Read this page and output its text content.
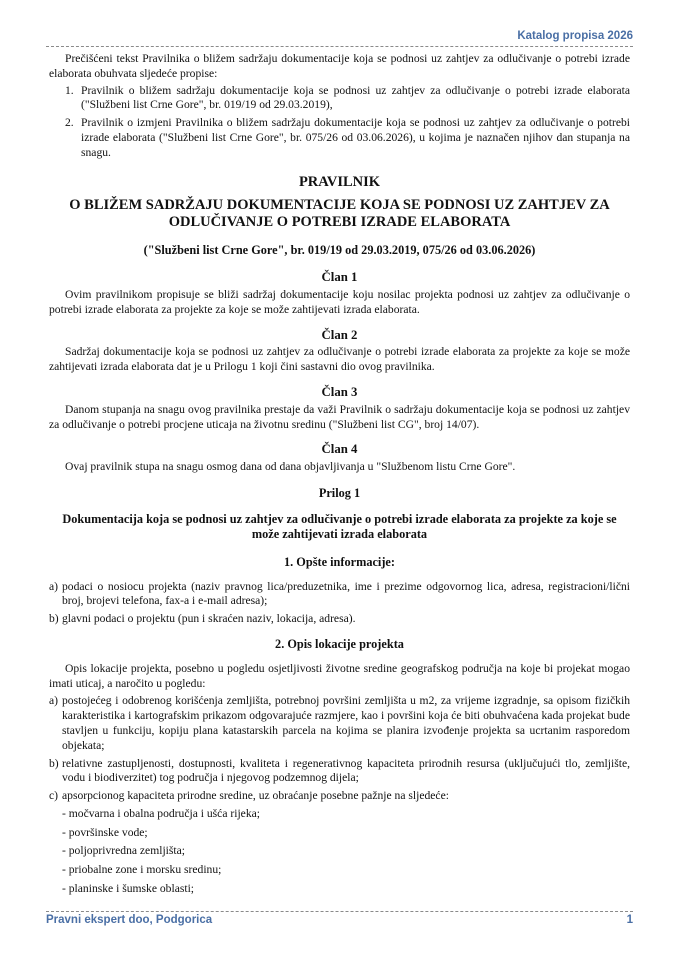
Katalog propisa 2026

Prečišćeni tekst Pravilnika o bližem sadržaju dokumentacije koja se podnosi uz zahtjev za odlučivanje o potrebi izrade elaborata obuhvata sljedeće propise:

1. Pravilnik o bližem sadržaju dokumentacije koja se podnosi uz zahtjev za odlučivanje o potrebi izrade elaborata ("Službeni list Crne Gore", br. 019/19 od 29.03.2019),
2. Pravilnik o izmjeni Pravilnika o bližem sadržaju dokumentacije koja se podnosi uz zahtjev za odlučivanje o potrebi izrade elaborata ("Službeni list Crne Gore", br. 075/26 od 03.06.2026), u kojima je naznačen njihov dan stupanja na snagu.
PRAVILNIK
O BLIŽEM SADRŽAJU DOKUMENTACIJE KOJA SE PODNOSI UZ ZAHTJEV ZA ODLUČIVANJE O POTREBI IZRADE ELABORATA
("Službeni list Crne Gore", br. 019/19 od 29.03.2019, 075/26 od 03.06.2026)
Član 1

Ovim pravilnikom propisuje se bliži sadržaj dokumentacije koju nosilac projekta podnosi uz zahtjev za odlučivanje o potrebi izrade elaborata za projekte za koje se može zahtijevati izrada elaborata.

Član 2

Sadržaj dokumentacije koja se podnosi uz zahtjev za odlučivanje o potrebi izrade elaborata za projekte za koje se može zahtijevati izrada elaborata dat je u Prilogu 1 koji čini sastavni dio ovog pravilnika.

Član 3

Danom stupanja na snagu ovog pravilnika prestaje da važi Pravilnik o sadržaju dokumentacije koja se podnosi uz zahtjev za odlučivanje o potrebi procjene uticaja na životnu sredinu ("Službeni list CG", broj 14/07).

Član 4

Ovaj pravilnik stupa na snagu osmog dana od dana objavljivanja u "Službenom listu Crne Gore".

Prilog 1
Dokumentacija koja se podnosi uz zahtjev za odlučivanje o potrebi izrade elaborata za projekte za koje se može zahtijevati izrada elaborata
1. Opšte informacije:
a) podaci o nosiocu projekta (naziv pravnog lica/preduzetnika, ime i prezime odgovornog lica, adresa, registracioni/lični broj, brojevi telefona, fax-a i e-mail adresa);
b) glavni podaci o projektu (pun i skraćen naziv, lokacija, adresa).
2. Opis lokacije projekta

Opis lokacije projekta, posebno u pogledu osjetljivosti životne sredine geografskog područja na koje bi projekat mogao imati uticaj, a naročito u pogledu:

a) postojećeg i odobrenog korišćenja zemljišta, potrebnoj površini zemljišta u m2, za vrijeme izgradnje, sa opisom fizičkih karakteristika i kartografskim prikazom odgovarajuće razmjere, kao i površini koja će biti obuhvaćena kada projekat bude stavljen u funkciju, kopiju plana katastarskih parcela na kojima se planira izvođenje projekta sa ucrtanim rasporedom objekata;
b) relativne zastupljenosti, dostupnosti, kvaliteta i regenerativnog kapaciteta prirodnih resursa (uključujući tlo, zemljište, vodu i biodiverzitet) tog područja i njegovog podzemnog dijela;
c) apsorpcionog kapaciteta prirodne sredine, uz obraćanje posebne pažnje na sljedeće:
- močvarna i obalna područja i ušća rijeka;
- površinske vode;
- poljoprivredna zemljišta;
- priobalne zone i morsku sredinu;
- planinske i šumske oblasti;
Pravni ekspert doo, Podgorica	1
